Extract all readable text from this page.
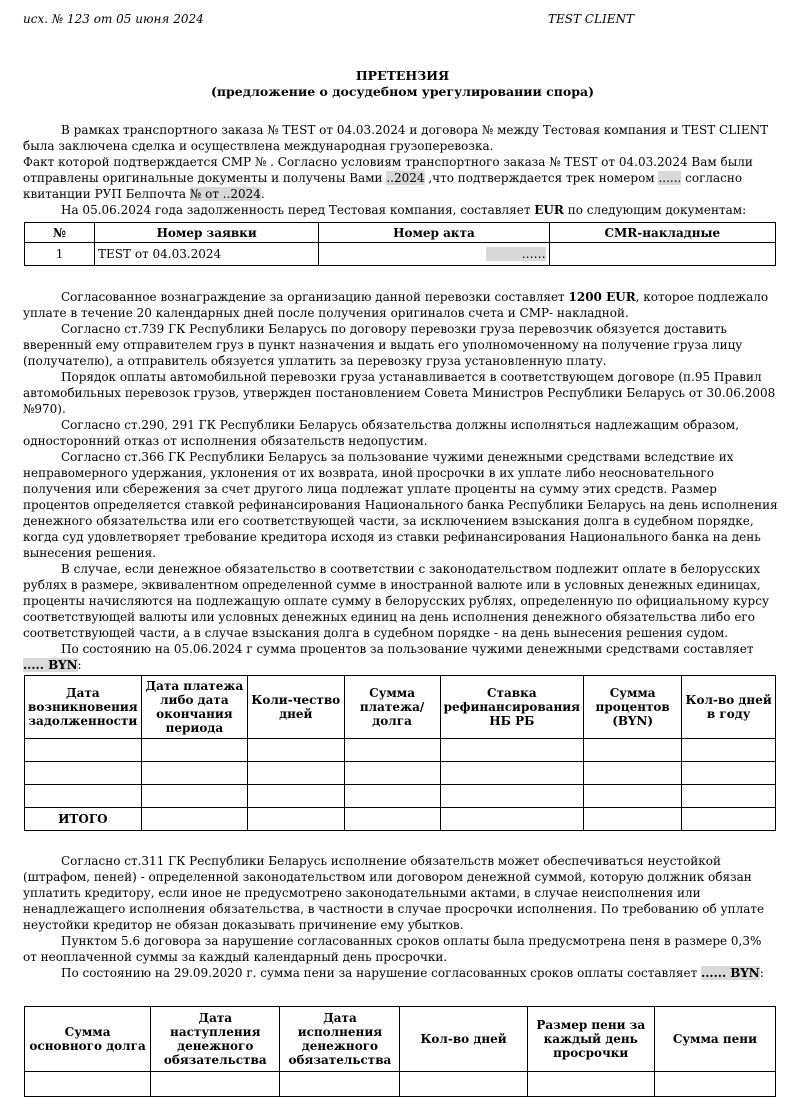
исх. № 123 от 05 июня 2024	TEST CLIENT
ПРЕТЕНЗИЯ
(предложение о досудебном урегулировании спора)

В рамках транспортного заказа № TEST от 04.03.2024 и договора № между Тестовая компания и TEST CLIENT была заключена сделка и осуществлена международная грузоперевозка.

Факт которой подтверждается СМР № . Согласно условиям транспортного заказа № TEST от 04.03.2024 Вам были отправлены оригинальные документы и получены Вами ..2024 ,что подтверждается трек номером ...... согласно квитанции РУП Белпочта № от ..2024.

На 05.06.2024 года задолженность перед Тестовая компания, составляет EUR по следующим документам:

№	Номер заявки	Номер акта	CMR-накладные
1	TEST от 04.03.2024	……	

Согласованное вознаграждение за организацию данной перевозки составляет 1200 EUR, которое подлежало уплате в течение 20 календарных дней после получения оригиналов счета и СМР- накладной.

Согласно ст.739 ГК Республики Беларусь по договору перевозки груза перевозчик обязуется доставить вверенный ему отправителем груз в пункт назначения и выдать его уполномоченному на получение груза лицу (получателю), а отправитель обязуется уплатить за перевозку груза установленную плату.

Порядок оплаты автомобильной перевозки груза устанавливается в соответствующем договоре (п.95 Правил автомобильных перевозок грузов, утвержден постановлением Совета Министров Республики Беларусь от 30.06.2008 №970).

Согласно ст.290, 291 ГК Республики Беларусь обязательства должны исполняться надлежащим образом, односторонний отказ от исполнения обязательств недопустим.

Согласно ст.366 ГК Республики Беларусь за пользование чужими денежными средствами вследствие их неправомерного удержания, уклонения от их возврата, иной просрочки в их уплате либо неосновательного получения или сбережения за счет другого лица подлежат уплате проценты на сумму этих средств. Размер процентов определяется ставкой рефинансирования Национального банка Республики Беларусь на день исполнения денежного обязательства или его соответствующей части, за исключением взыскания долга в судебном порядке, когда суд удовлетворяет требование кредитора исходя из ставки рефинансирования Национального банка на день вынесения решения.

В случае, если денежное обязательство в соответствии с законодательством подлежит оплате в белорусских рублях в размере, эквивалентном определенной сумме в иностранной валюте или в условных денежных единицах, проценты начисляются на подлежащую оплате сумму в белорусских рублях, определенную по официальному курсу соответствующей валюты или условных денежных единиц на день исполнения денежного обязательства либо его соответствующей части, а в случае взыскания долга в судебном порядке - на день вынесения решения судом.

По состоянию на 05.06.2024 г сумма процентов за пользование чужими денежными средствами составляет ..... BYN:

Дата возникновения задолженности	Дата платежа либо дата окончания периода	Коли-чество дней	Сумма платежа/ долга	Ставка рефинансирования НБ РБ	Сумма процентов (BYN)	Кол-во дней в году

ИТОГО						

Согласно ст.311 ГК Республики Беларусь исполнение обязательств может обеспечиваться неустойкой (штрафом, пеней) - определенной законодательством или договором денежной суммой, которую должник обязан уплатить кредитору, если иное не предусмотрено законодательными актами, в случае неисполнения или ненадлежащего исполнения обязательства, в частности в случае просрочки исполнения. По требованию об уплате неустойки кредитор не обязан доказывать причинение ему убытков.

Пунктом 5.6 договора за нарушение согласованных сроков оплаты была предусмотрена пеня в размере 0,3% от неоплаченной суммы за каждый календарный день просрочки.

По состоянию на 29.09.2020 г. сумма пени за нарушение согласованных сроков оплаты составляет ...... BYN:

Сумма основного долга	Дата наступления денежного обязательства	Дата исполнения денежного обязательства	Кол-во дней	Размер пени за каждый день просрочки	Сумма пени
